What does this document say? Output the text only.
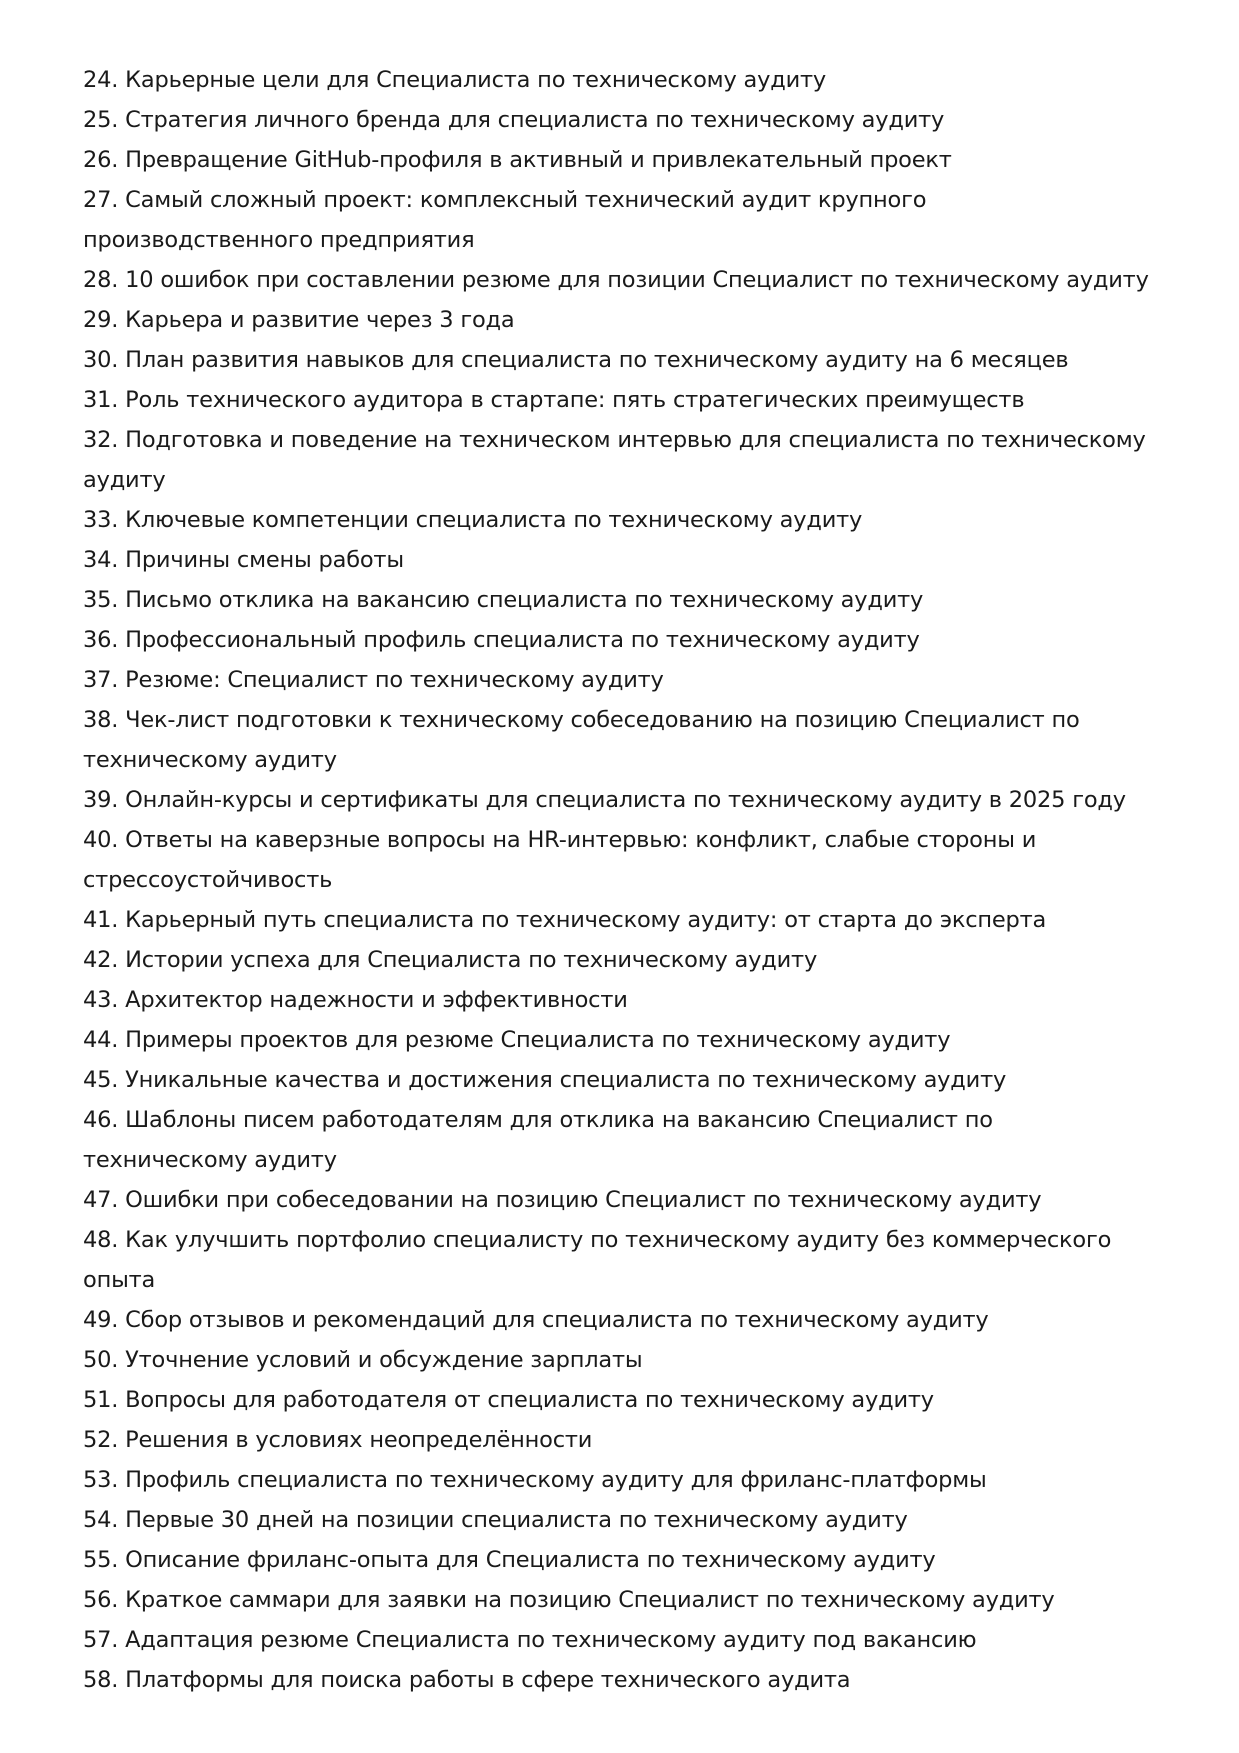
24. Карьерные цели для Специалиста по техническому аудиту
25. Стратегия личного бренда для специалиста по техническому аудиту
26. Превращение GitHub-профиля в активный и привлекательный проект
27. Самый сложный проект: комплексный технический аудит крупного производственного предприятия
28. 10 ошибок при составлении резюме для позиции Специалист по техническому аудиту
29. Карьера и развитие через 3 года
30. План развития навыков для специалиста по техническому аудиту на 6 месяцев
31. Роль технического аудитора в стартапе: пять стратегических преимуществ
32. Подготовка и поведение на техническом интервью для специалиста по техническому аудиту
33. Ключевые компетенции специалиста по техническому аудиту
34. Причины смены работы
35. Письмо отклика на вакансию специалиста по техническому аудиту
36. Профессиональный профиль специалиста по техническому аудиту
37. Резюме: Специалист по техническому аудиту
38. Чек-лист подготовки к техническому собеседованию на позицию Специалист по техническому аудиту
39. Онлайн-курсы и сертификаты для специалиста по техническому аудиту в 2025 году
40. Ответы на каверзные вопросы на HR-интервью: конфликт, слабые стороны и стрессоустойчивость
41. Карьерный путь специалиста по техническому аудиту: от старта до эксперта
42. Истории успеха для Специалиста по техническому аудиту
43. Архитектор надежности и эффективности
44. Примеры проектов для резюме Специалиста по техническому аудиту
45. Уникальные качества и достижения специалиста по техническому аудиту
46. Шаблоны писем работодателям для отклика на вакансию Специалист по техническому аудиту
47. Ошибки при собеседовании на позицию Специалист по техническому аудиту
48. Как улучшить портфолио специалисту по техническому аудиту без коммерческого опыта
49. Сбор отзывов и рекомендаций для специалиста по техническому аудиту
50. Уточнение условий и обсуждение зарплаты
51. Вопросы для работодателя от специалиста по техническому аудиту
52. Решения в условиях неопределённости
53. Профиль специалиста по техническому аудиту для фриланс-платформы
54. Первые 30 дней на позиции специалиста по техническому аудиту
55. Описание фриланс-опыта для Специалиста по техническому аудиту
56. Краткое саммари для заявки на позицию Специалист по техническому аудиту
57. Адаптация резюме Специалиста по техническому аудиту под вакансию
58. Платформы для поиска работы в сфере технического аудита
